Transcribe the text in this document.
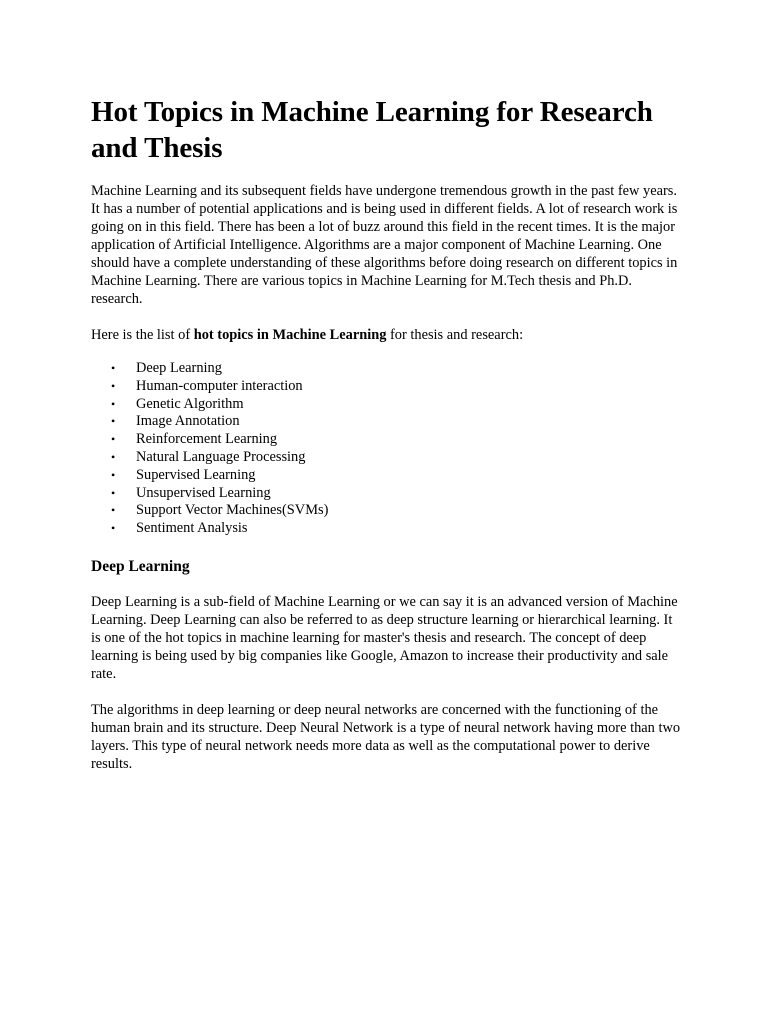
Hot Topics in Machine Learning for Research and Thesis

Machine Learning and its subsequent fields have undergone tremendous growth in the past few years. It has a number of potential applications and is being used in different fields. A lot of research work is going on in this field. There has been a lot of buzz around this field in the recent times. It is the major application of Artificial Intelligence. Algorithms are a major component of Machine Learning. One should have a complete understanding of these algorithms before doing research on different topics in Machine Learning. There are various topics in Machine Learning for M.Tech thesis and Ph.D. research.

Here is the list of hot topics in Machine Learning for thesis and research:

• Deep Learning
• Human-computer interaction
• Genetic Algorithm
• Image Annotation
• Reinforcement Learning
• Natural Language Processing
• Supervised Learning
• Unsupervised Learning
• Support Vector Machines(SVMs)
• Sentiment Analysis
Deep Learning

Deep Learning is a sub-field of Machine Learning or we can say it is an advanced version of Machine Learning. Deep Learning can also be referred to as deep structure learning or hierarchical learning. It is one of the hot topics in machine learning for master's thesis and research. The concept of deep learning is being used by big companies like Google, Amazon to increase their productivity and sale rate.

The algorithms in deep learning or deep neural networks are concerned with the functioning of the human brain and its structure. Deep Neural Network is a type of neural network having more than two layers. This type of neural network needs more data as well as the computational power to derive results.
